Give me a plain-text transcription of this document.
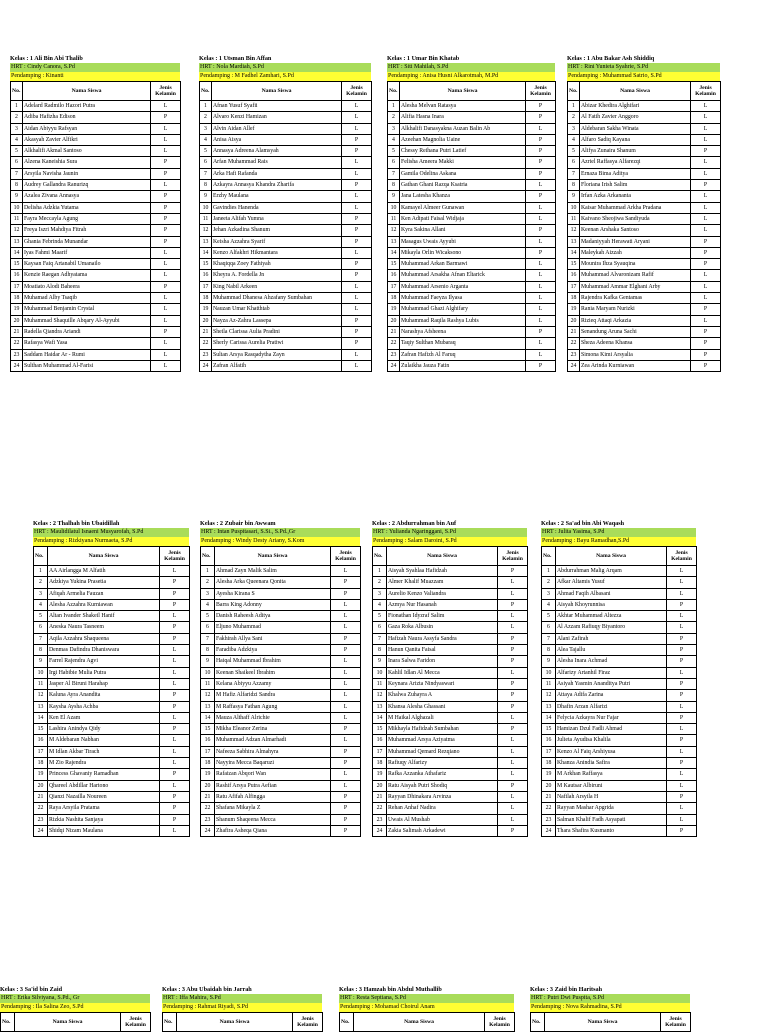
Kelas : 1 Ali Bin Abi Thalib
HRT : Cindy Canora, S.Pd
Pendamping : Kinanti
No.	Nama Siswa	Jenis Kelamin
1	Adelard Radmilo Hazori Putra	L
2	Adiba Hafizha Edison	P
3	Aidan Abiyyu Rafsyan	L
4	Akasyah Zavier Alfikri	L
5	Alkhalifi Akmal Santoso	L
6	Alzena Kaneishia Sura	P
7	Arsyila Navisha Jaunin	P
8	Audrey Gallandra Ranurizq	L
9	Azalea Zivana Annasya	P
10	Delisha Adzkia Yutama	P
11	Fayra Meccayla Agung	P
12	Freya Iszri Mahdiya Fitrah	P
13	Ghania Febrinda Munandar	P
14	Iyas Fahmi Maarif	L
15	Kaysan Faiq Artanabil Umanailo	L
16	Kenzie Raegan Adhyatama	L
17	Moatiato Alodi Baheera	P
18	Muhamad Alby Tsaqib	L
19	Muhammad Benjamin Crystal	L
20	Muhammad Shaquille Abqary Al-Ayyubi	L
21	Radella Qiandra Ariandi	P
22	Rafasya Wafi Yasa	L
23	Saddam Haidar Ar - Rumi	L
24	Sulthan Muhammad Al-Farisi	L
Kelas : 1 Utsman Bin Affan
HRT : Nola Mardiah, S.Pd
Pendamping : M Fadhel Zamhari, S.Pd
No.	Nama Siswa	Jenis Kelamin
1	Afnan Yusuf Syafii	L
2	Alvaro Kenzi Hamizan	L
3	Alvin Aidan Allef	L
4	Anisa Aisya	P
5	Annasya Adreena Alamsyah	P
6	Arfan Muhammad Rais	L
7	Arka Hafi Rafanda	L
8	Azkayra Annasya Khandra Zharifa	P
9	Erzhy Maulana	L
10	Gavindies Hanenda	L
11	Janeeta Alifah Yumna	P
12	Jehan Azkadina Shanum	P
13	Keisha Azzahra Syarif	P
14	Kenzo Alfakhri Hikmantara	L
15	Khaqiqqa Zoey Fathiyah	P
16	Kheyra A. Fordella Jn	P
17	King Nabil Arkeen	L
18	Muhammad Dhanesa Ahzafany Sumbahan	L
19	Nauzan Umar Khatthtab	L
20	Nayza Az-Zahra Lassepa	P
21	Sheila Clarissa Aulia Pradini	P
22	Sherly Carissa Aurelia Pratiwi	P
23	Sultan Arsya Rasqadytha Zayn	L
24	Zafran Alfatih	L
Kelas : 1 Umar Bin Khatab
HRT : Siti Mahilah, S.Pd
Pendamping : Anisa Husni Alkarotmah, M.Pd
No.	Nama Siswa	Jenis Kelamin
1	Alesha Melvan Ratasya	P
2	Alifia Hasna Inara	P
3	Alkhalifi Danasyakna Auzan Balin Ab	L
4	Azeehan Magnolia Uaine	P
5	Chessy Reihana Putri Latief	P
6	Felisha Ameera Makki	P
7	Gamila Odelina Askana	P
8	Gathan Ghani Razqa Ksatria	L
9	Jana Latesha Khanza	P
10	Kamayel Almeer Gunawan	L
11	Ken Adipati Faisal Widjaja	L
12	Kyra Sakina Allani	P
13	Masagus Uwais Ayyubi	L
14	Mikayla Orlin Wicaksono	P
15	Muhammad Arkan Barmawi	L
16	Muhammad Arsakha Afnan Eltarick	L
17	Muhammad Arsenio Arganta	L
18	Muhammad Faeyza Ilyasa	L
19	Muhammad Ghazi Alghifary	L
20	Muhammad Raqila Rashya Lubis	L
21	Narashya Afsheena	P
22	Taqiy Sulthan Mubaraq	L
23	Zafran Hafizh Al Faruq	L
24	Zulaikha Jauza Fatin	P
Kelas : 1 Abu Bakar Ash Shiddiq
HRT : Rini Yunieta Syahrie, S.Pd
Pendamping : Muhammad Satrio, S.Pd
No.	Nama Siswa	Jenis Kelamin
1	Abizar Khedira Alghifari	L
2	Al Fatih Zavier Anggoro	L
3	Aldebaran Sakha Winata	L
4	Alfaro Sadiq Kayana	L
5	Alifya Zunaira Shanum	P
6	Azriel Raffasya Alfarezqi	L
7	Ernaza Bima Aditya	L
8	Floriana Irish Salim	P
9	Irfan Azka Arkananta	L
10	Kaisar Muhammad Arkha Pradana	L
11	Kaivano Sheojiwa Sandiyuda	L
12	Keenan Arshaka Santoso	L
13	Madaniyyah Herawati Aryani	P
14	Maleykah Aizzah	P
15	Mounira Ihza Syauqina	P
16	Muhammad Alvaronizam Rafif	L
17	Muhammad Ammar Elghani Arby	L
18	Rajendra Kafka Gentamas	L
19	Rania Maryam Nurizki	P
20	Rizieq Attaqi Arkazia	L
21	Senandung Aruna Sachi	P
22	Sheza Adeena Khansa	P
23	Simona Kimi Arsyalia	P
24	Zea Arinda Kurniawan	P
Kelas : 2 Thalhah bin Ubaidillah
HRT : Maulidilatul Isnaeni Musyarofah, S.Pd
Pendamping : Rizkiyana Nurmaeta, S.Pd
No.	Nama Siswa	Jenis Kelamin
1	AA Airlangga M Alfatih	L
2	Adzkiya Yukina Prasetia	P
3	Afiqah Armelia Fauzan	P
4	Alesha Azzahra Kurniawan	P
5	Altan Ivander Shakeil Hanif	L
6	Aneska Naura Tasneem	P
7	Aqila Azzahra Shaqueena	P
8	Denmas Dafindra Dhaniswara	L
9	Farrel Rajendra Agvi	L
10	Irgi Habibie Mulia Putra	L
11	Jasper Al Biruni Harahap	L
12	Kaluna Ayra Anandita	P
13	Kaysha Aysha Achba	P
14	Ken El Azam	L
15	Lashira Anindya Qidy	P
16	M Aldebaran Nabhan	L
17	M Idlan Akbar Tirach	L
18	M Zio Rajendra	L
19	Princess Ghavaniy Ramadhan	P
20	Qhareel Abdillar Hartono	L
21	Qianzi Nazailla Noureen	P
22	Raya Arsyila Pratama	P
23	Rizkia Nashita Sanjaya	P
24	Shidqi Nizam Maulana	L
Kelas : 2 Zubair bin Awwam
HRT : Intan Puspitasari, S.Si., S.Pd.,Gr
Pendamping : Windy Desty Ariany, S.Kom
No.	Nama Siswa	Jenis Kelamin
1	Ahmad Zayn Malik Salim	L
2	Alesha Arka Queenara Qonita	P
3	Ayesha Kirana S	P
4	Barra King Adonny	L
5	Danish Raheesh Aditya	L
6	Eljuno Muhammad	L
7	Fakhirah Allya Sani	P
8	Faradiba Adzkiya	P
9	Haiqal Muhammad Ibrahim	L
10	Keenan Shaikeel Ibrahim	L
11	Kelana Abiyyu Azzamy	L
12	M Hafiz Alfaridzi Sandra	L
13	M Raffasya Fathan Agung	L
14	Mauza Althaff Alrichie	L
15	Mikha Eleanor Zerina	P
16	Muhammad Adzan Almarhadi	L
17	Nafeeza Sabhira Almahyra	P
18	Nayyira Mecca Baqaruzi	P
19	Rafaizan Abqori Wan	L
20	Rashif Arsya Putra Aefian	L
21	Ratu Afifah Alfingga	P
22	Shafana Mikayla Z	P
23	Shanum Shaqeena Mecca	P
24	Zhafira Asheqa Qiana	P
Kelas : 2 Abdurrahman bin Auf
HRT : Yulianda Ngaringgani, S.Pd
Pendamping : Salam Daroini, S.Pd
No.	Nama Siswa	Jenis Kelamin
1	Aisyah Syahlaa Hafidzah	P
2	Almer Khalif Muazzam	L
3	Aurelio Kenzo Valiandra	L
4	Azmya Nur Hasanah	P
5	Fionathan Idyzraf Salim	L
6	Gaza Roka Albusin	L
7	Hafizah Naura Assyfa Sandra	P
8	Hanun Qanita Faisal	P
9	Inara Salwa Faridon	P
10	Kahlil Idlan Al Mecca	L
11	Keynara Arizta Nindyaswari	P
12	Khalwa Zuhayra A	P
13	Khansa Alesha Ghassani	P
14	M Haikal Alghazali	L
15	Mikhayla Hafidzah Sumbahan	P
16	Muhammad Arsya Aziyatma	L
17	Muhammad Qemard Rezqiano	L
18	Rafiuqy Alfarizy	L
19	Rafka Azzanka Athafariz	L
20	Ratu Aisyah Putri Shodiq	P
21	Rayyan Dhinakara Arvinza	L
22	Rehan Anhaf Nadira	L
23	Uwais Al Mushab	L
24	Zakia Salimah Arkadewi	P
Kelas : 2 Sa'ad bin Abi Waqash
HRT : Julita Yasima, S.Pd
Pendamping : Bayu Ramadhan,S.Pd
No.	Nama Siswa	Jenis Kelamin
1	Abdurrahman Malig Arqam	L
2	Afkar Altamis Yusuf	L
3	Ahmad Faqih Albasani	L
4	Aisyah Khoyrunnisa	P
5	Akhtar Muhammad Altezza	L
6	Al Azzam Rafiuqy Biyantoro	L
7	Alani Zafirah	P
8	Alea Tajallu	P
9	Alesha Inara Achmad	P
10	Alfarizy Artanhil Firaz	L
11	Asiyah Yasmin Ananditya Putri	P
12	Attaya Adifa Zarina	P
13	Dhafin Arzan Alfarizi	L
14	Felycia Azkayra Nur Fajar	P
15	Hamizan Dzul Fadli Ahmad	L
16	Julieta Ayudisa Khalila	P
17	Kenzo Al Faiq Arshiyusa	L
18	Khanza Anindia Safira	P
19	M Arkhan Raffasya	L
20	M Kautsar Albiruni	L
21	Nafilah Arsyila H	P
22	Rayyan Mashar Apgrida	L
23	Salman Khalif Fadh Asyapati	L
24	Thara Shafira Kusmanto	P
Kelas : 3 Sa'id bin Zaid
HRT : Erika Silviyana, S.Pd., Gr
Pendamping : Ila Salina Zeo, S.Pd
No.	Nama Siswa	Jenis Kelamin
Kelas : 3 Abu Ubaidah bin Jarrah
HRT : Iffa Mahira, S.Pd
Pendamping : Rahmat Riyadi, S.Pd
No.	Nama Siswa	Jenis Kelamin
Kelas : 3 Hamzah bin Abdul Muthallib
HRT : Resta Septiana, S.Pd
Pendamping : Mohamad Choirul Anam
No.	Nama Siswa	Jenis Kelamin
Kelas : 3 Zaid bin Haritsah
HRT : Putri Dwi Puspita, S.Pd
Pendamping : Nova Rahmadina, S.Pd
No.	Nama Siswa	Jenis Kelamin
